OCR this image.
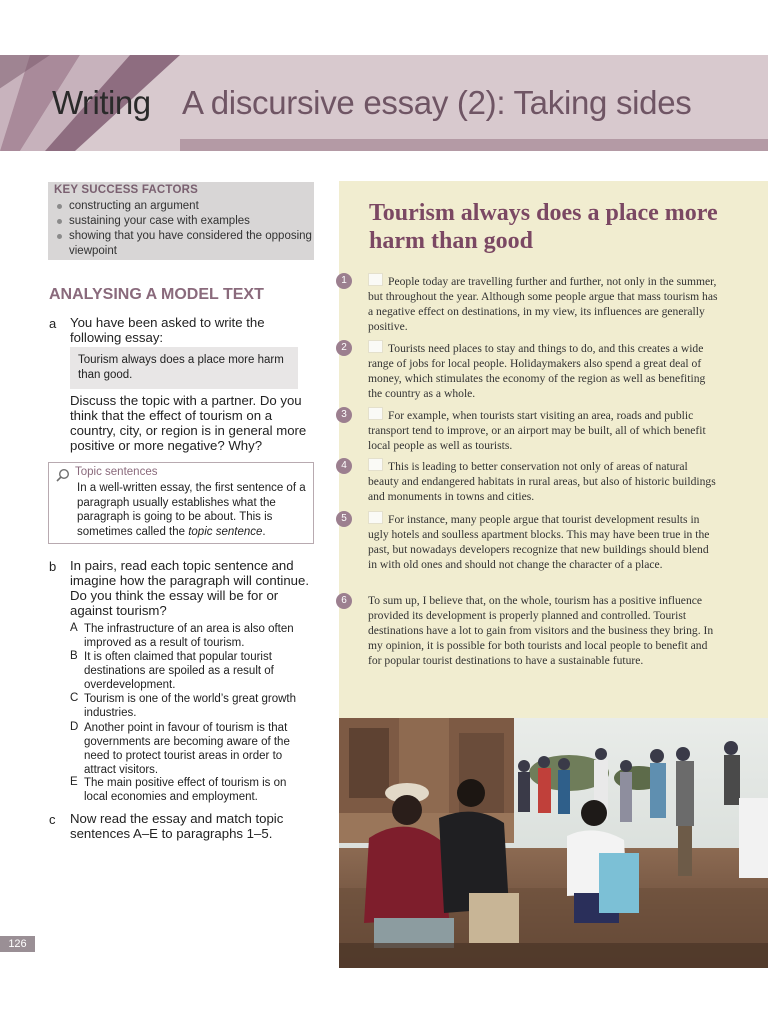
Writing A discursive essay (2): Taking sides
KEY SUCCESS FACTORS
constructing an argument
sustaining your case with examples
showing that you have considered the opposing viewpoint
ANALYSING A MODEL TEXT
a You have been asked to write the following essay:
Tourism always does a place more harm than good.
Discuss the topic with a partner. Do you think that the effect of tourism on a country, city, or region is in general more positive or more negative? Why?
Topic sentences
In a well-written essay, the first sentence of a paragraph usually establishes what the paragraph is going to be about. This is sometimes called the topic sentence.
b In pairs, read each topic sentence and imagine how the paragraph will continue. Do you think the essay will be for or against tourism?
A The infrastructure of an area is also often improved as a result of tourism.
B It is often claimed that popular tourist destinations are spoiled as a result of overdevelopment.
C Tourism is one of the world’s great growth industries.
D Another point in favour of tourism is that governments are becoming aware of the need to protect tourist areas in order to attract visitors.
E The main positive effect of tourism is on local economies and employment.
c Now read the essay and match topic sentences A–E to paragraphs 1–5.
Tourism always does a place more harm than good
1	People today are travelling further and further, not only in the summer, but throughout the year. Although some people argue that mass tourism has a negative effect on destinations, in my view, its influences are generally positive.
2	Tourists need places to stay and things to do, and this creates a wide range of jobs for local people. Holidaymakers also spend a great deal of money, which stimulates the economy of the region as well as benefiting the country as a whole.
3	For example, when tourists start visiting an area, roads and public transport tend to improve, or an airport may be built, all of which benefit local people as well as tourists.
4	This is leading to better conservation not only of areas of natural beauty and endangered habitats in rural areas, but also of historic buildings and monuments in towns and cities.
5	For instance, many people argue that tourist development results in ugly hotels and soulless apartment blocks. This may have been true in the past, but nowadays developers recognize that new buildings should blend in with old ones and should not change the character of a place.
6	To sum up, I believe that, on the whole, tourism has a positive influence provided its development is properly planned and controlled. Tourist destinations have a lot to gain from visitors and the business they bring. In my opinion, it is possible for both tourists and local people to benefit and for popular tourist destinations to have a sustainable future.
126
